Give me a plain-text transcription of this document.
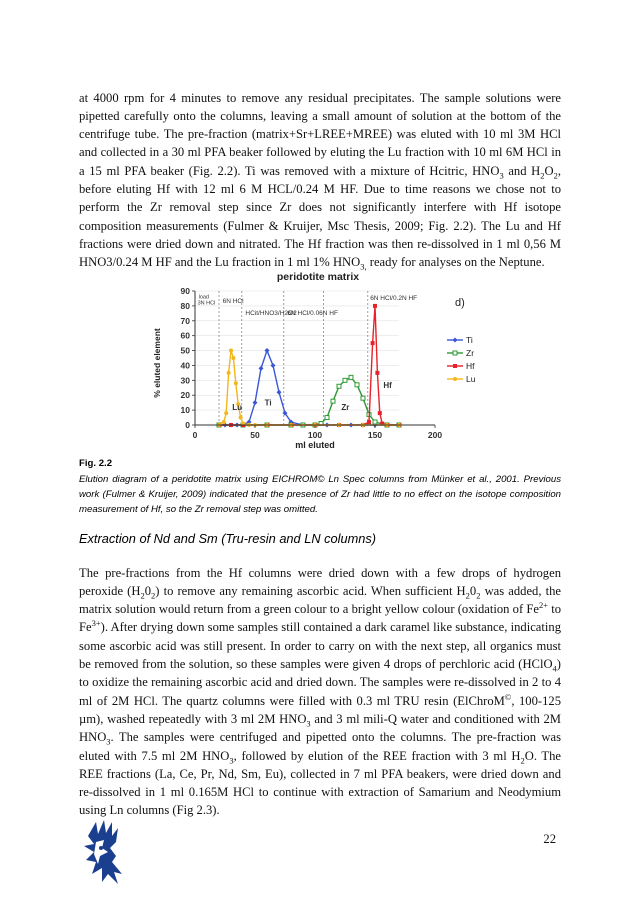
at 4000 rpm for 4 minutes to remove any residual precipitates. The sample solutions were pipetted carefully onto the columns, leaving a small amount of solution at the bottom of the centrifuge tube. The pre-fraction (matrix+Sr+LREE+MREE) was eluted with 10 ml 3M HCl and collected in a 30 ml PFA beaker followed by eluting the Lu fraction with 10 ml 6M HCl in a 15 ml PFA beaker (Fig. 2.2). Ti was removed with a mixture of Hcitric, $HNO_3$ and $H_2O_2$, before eluting Hf with 12 ml 6 M HCL/0.24 M HF. Due to time reasons we chose not to perform the Zr removal step since Zr does not significantly interfere with Hf isotope composition measurements (Fulmer & Kruijer, Msc Thesis, 2009; Fig. 2.2). The Lu and Hf fractions were dried down and nitrated. The Hf fraction was then re-dissolved in 1 ml 0,56 M HNO3/0.24 M HF and the Lu fraction in 1 ml 1% $HNO_{3,}$ ready for analyses on the Neptune.

peridotite matrix
d)
ml eluted
% eluted element
load
3N HCl 6N HCl
HCit/HNO3/H2O2
6N HCl/0.06N HF
6N HCl/0.2N HF
Lu	Ti	Zr
Hf
0
10
20
30
40
50
60
70
80
90
0	50	100	150	200
Ti
Zr
Hf
Lu
Fig. 2.2
Elution diagram of a peridotite matrix using EICHROM© Ln Spec columns from Münker et al., 2001. Previous work (Fulmer & Kruijer, 2009) indicated that the presence of Zr had little to no effect on the isotope composition measurement of Hf, so the Zr removal step was omitted.
Extraction of Nd and Sm (Tru-resin and LN columns)

The pre-fractions from the Hf columns were dried down with a few drops of hydrogen peroxide $(H_20_2)$ to remove any remaining ascorbic acid. When sufficient $H_20_2$ was added, the matrix solution would return from a green colour to a bright yellow colour (oxidation of $Fe^{2+}$ to $Fe^{3+}$). After drying down some samples still contained a dark caramel like substance, indicating some ascorbic acid was still present. In order to carry on with the next step, all organics must be removed from the solution, so these samples were given 4 drops of perchloric acid (HClO$_4$) to oxidize the remaining ascorbic acid and dried down. The samples were re-dissolved in 2 to 4 ml of 2M HCl. The quartz columns were filled with 0.3 ml TRU resin (ElChroM©, 100-125 µm), washed repeatedly with 3 ml 2M $HNO_3$ and 3 ml mili-Q water and conditioned with 2M $HNO_3$. The samples were centrifuged and pipetted onto the columns. The pre-fraction was eluted with 7.5 ml 2M $HNO_3$, followed by elution of the REE fraction with 3 ml $H_2O$. The REE fractions (La, Ce, Pr, Nd, Sm, Eu), collected in 7 ml PFA beakers, were dried down and re-dissolved in 1 ml 0.165M HCl to continue with extraction of Samarium and Neodymium using Ln columns (Fig 2.3).

22
